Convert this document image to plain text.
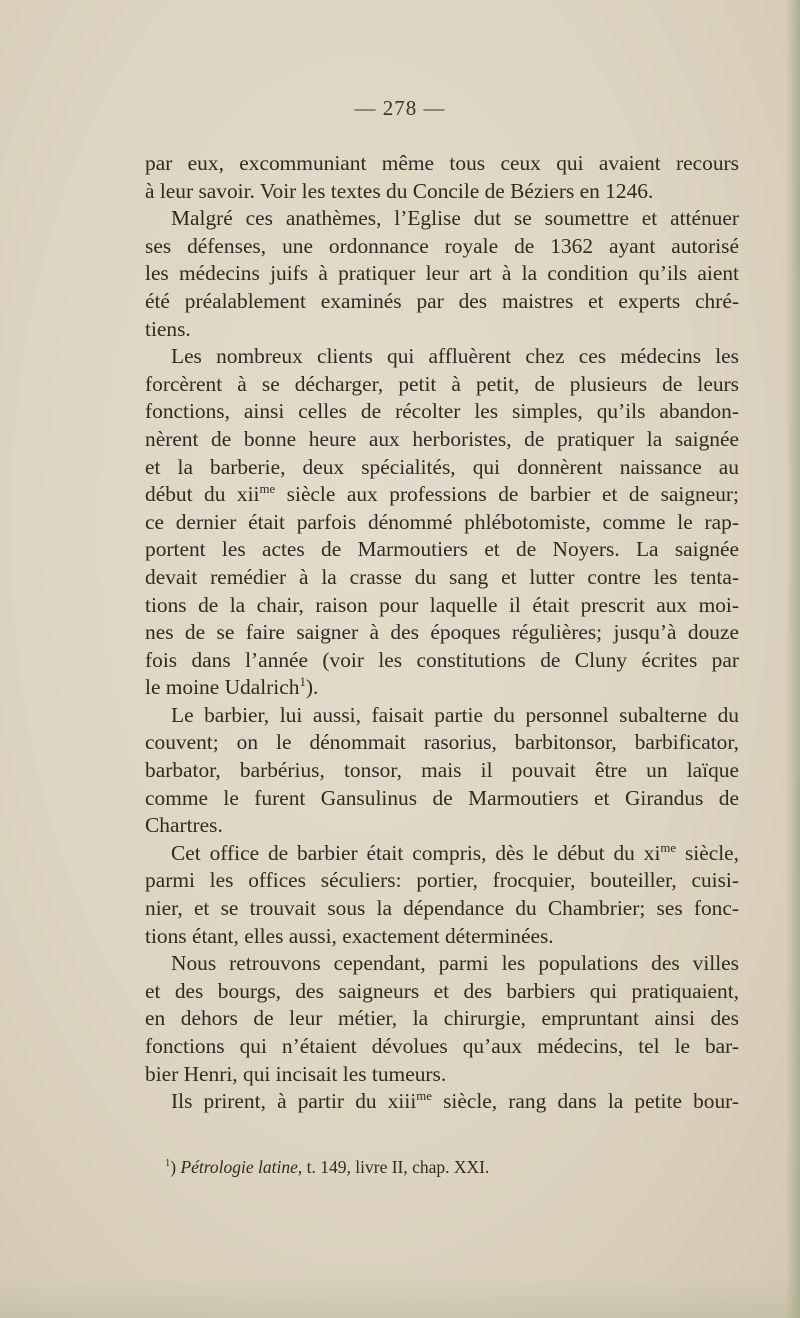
— 278 —

par eux, excommuniant même tous ceux qui avaient recours

à leur savoir. Voir les textes du Concile de Béziers en 1246.

Malgré ces anathèmes, l’Eglise dut se soumettre et atténuer

ses défenses, une ordonnance royale de 1362 ayant autorisé

les médecins juifs à pratiquer leur art à la condition qu’ils aient

été préalablement examinés par des maistres et experts chré-

tiens.

Les nombreux clients qui affluèrent chez ces médecins les

forcèrent à se décharger, petit à petit, de plusieurs de leurs

fonctions, ainsi celles de récolter les simples, qu’ils abandon-

nèrent de bonne heure aux herboristes, de pratiquer la saignée

et la barberie, deux spécialités, qui donnèrent naissance au

début du xii$^{me}$ siècle aux professions de barbier et de saigneur;

ce dernier était parfois dénommé phlébotomiste, comme le rap-

portent les actes de Marmoutiers et de Noyers. La saignée

devait remédier à la crasse du sang et lutter contre les tenta-

tions de la chair, raison pour laquelle il était prescrit aux moi-

nes de se faire saigner à des époques régulières; jusqu’à douze

fois dans l’année (voir les constitutions de Cluny écrites par

le moine Udalrich$^1$).

Le barbier, lui aussi, faisait partie du personnel subalterne du

couvent; on le dénommait rasorius, barbitonsor, barbificator,

barbator, barbérius, tonsor, mais il pouvait être un laïque

comme le furent Gansulinus de Marmoutiers et Girandus de

Chartres.

Cet office de barbier était compris, dès le début du $xi^{me}$ siècle,

parmi les offices séculiers: portier, frocquier, bouteiller, cuisi-

nier, et se trouvait sous la dépendance du Chambrier; ses fonc-

tions étant, elles aussi, exactement déterminées.

Nous retrouvons cependant, parmi les populations des villes

et des bourgs, des saigneurs et des barbiers qui pratiquaient,

en dehors de leur métier, la chirurgie, empruntant ainsi des

fonctions qui n’étaient dévolues qu’aux médecins, tel le bar-

bier Henri, qui incisait les tumeurs.

Ils prirent, à partir du xiii$^{me}$ siècle, rang dans la petite bour-

$^1$) Pétrologie latine, t. 149, livre II, chap. XXI.
